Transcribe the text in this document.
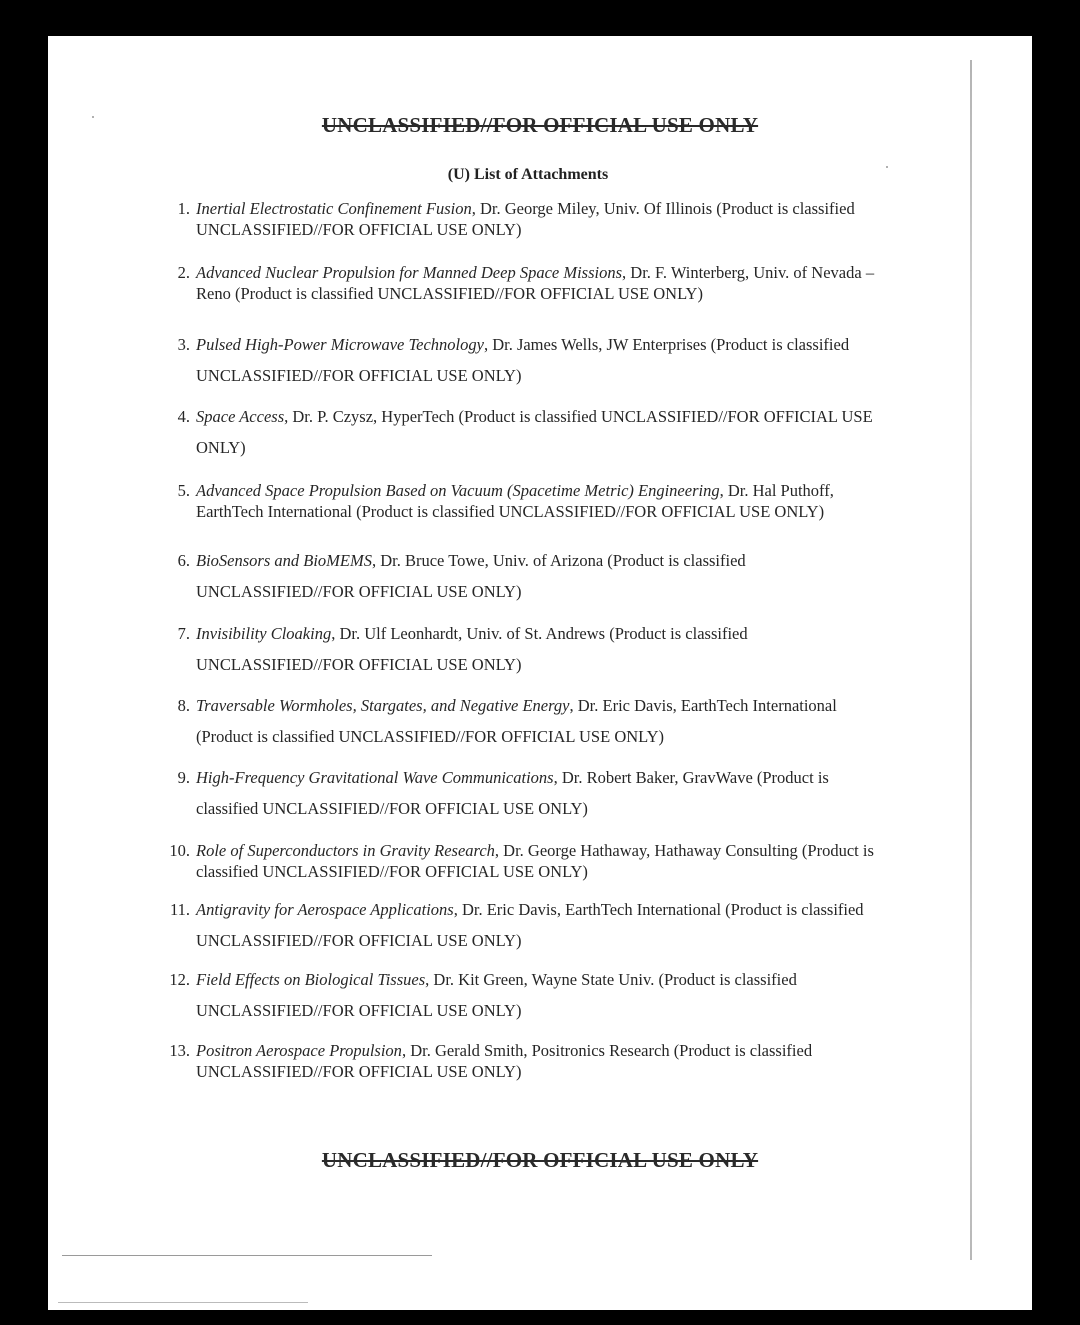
UNCLASSIFIED//FOR OFFICIAL USE ONLY
(U) List of Attachments
1. Inertial Electrostatic Confinement Fusion, Dr. George Miley, Univ. Of Illinois (Product is classified UNCLASSIFIED//FOR OFFICIAL USE ONLY)
2. Advanced Nuclear Propulsion for Manned Deep Space Missions, Dr. F. Winterberg, Univ. of Nevada – Reno (Product is classified UNCLASSIFIED//FOR OFFICIAL USE ONLY)
3. Pulsed High-Power Microwave Technology, Dr. James Wells, JW Enterprises (Product is classified UNCLASSIFIED//FOR OFFICIAL USE ONLY)
4. Space Access, Dr. P. Czysz, HyperTech (Product is classified UNCLASSIFIED//FOR OFFICIAL USE ONLY)
5. Advanced Space Propulsion Based on Vacuum (Spacetime Metric) Engineering, Dr. Hal Puthoff, EarthTech International (Product is classified UNCLASSIFIED//FOR OFFICIAL USE ONLY)
6. BioSensors and BioMEMS, Dr. Bruce Towe, Univ. of Arizona (Product is classified UNCLASSIFIED//FOR OFFICIAL USE ONLY)
7. Invisibility Cloaking, Dr. Ulf Leonhardt, Univ. of St. Andrews (Product is classified UNCLASSIFIED//FOR OFFICIAL USE ONLY)
8. Traversable Wormholes, Stargates, and Negative Energy, Dr. Eric Davis, EarthTech International (Product is classified UNCLASSIFIED//FOR OFFICIAL USE ONLY)
9. High-Frequency Gravitational Wave Communications, Dr. Robert Baker, GravWave (Product is classified UNCLASSIFIED//FOR OFFICIAL USE ONLY)
10. Role of Superconductors in Gravity Research, Dr. George Hathaway, Hathaway Consulting (Product is classified UNCLASSIFIED//FOR OFFICIAL USE ONLY)
11. Antigravity for Aerospace Applications, Dr. Eric Davis, EarthTech International (Product is classified UNCLASSIFIED//FOR OFFICIAL USE ONLY)
12. Field Effects on Biological Tissues, Dr. Kit Green, Wayne State Univ. (Product is classified UNCLASSIFIED//FOR OFFICIAL USE ONLY)
13. Positron Aerospace Propulsion, Dr. Gerald Smith, Positronics Research (Product is classified UNCLASSIFIED//FOR OFFICIAL USE ONLY)
UNCLASSIFIED//FOR OFFICIAL USE ONLY
